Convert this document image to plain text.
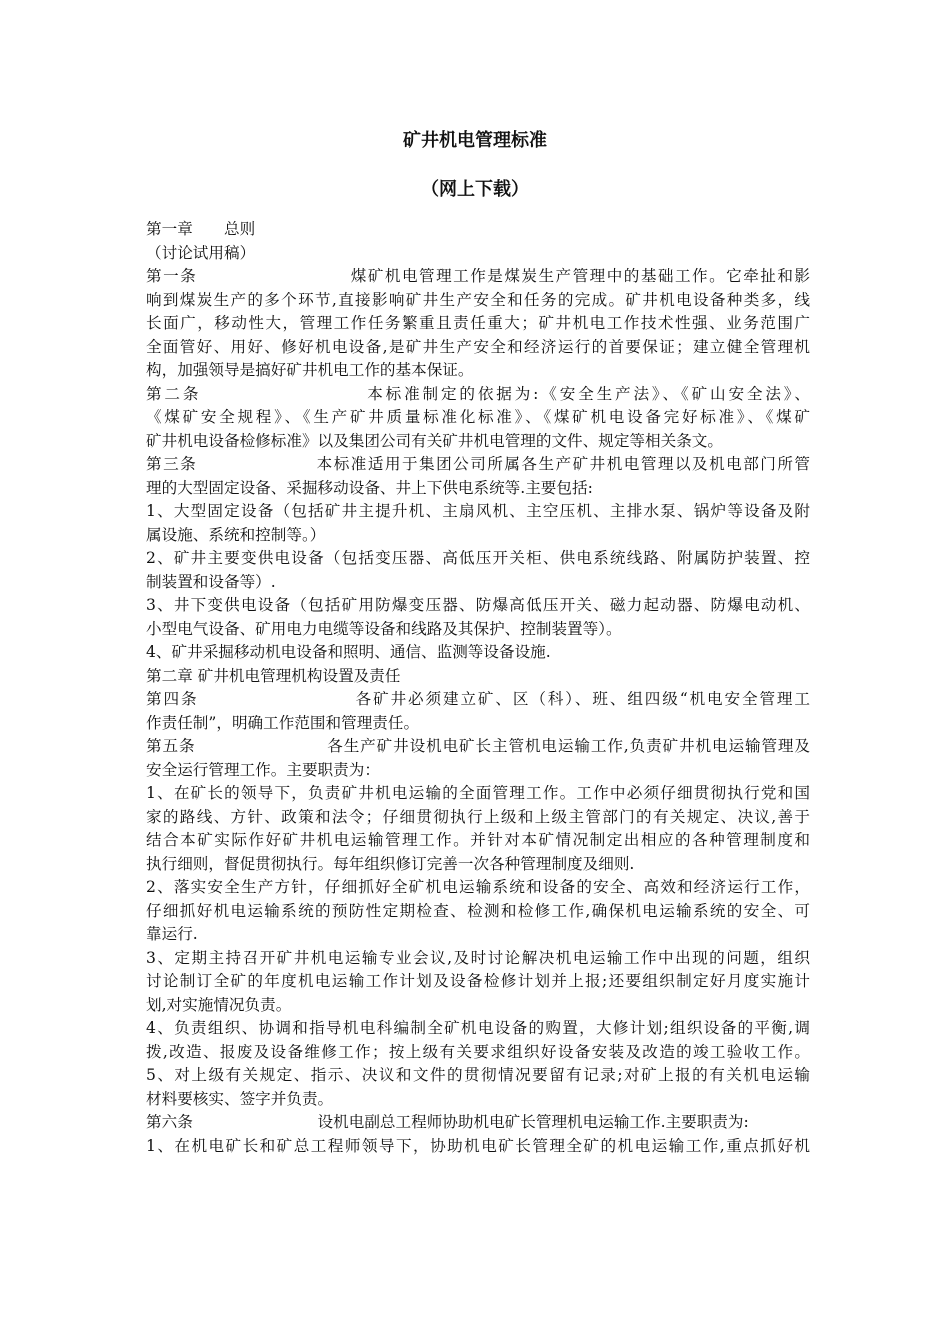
矿井机电管理标准
（网上下载）
第一章　　总则
（讨论试用稿）
第一条　　　　　　　　　煤矿机电管理工作是煤炭生产管理中的基础工作。它牵扯和影
响到煤炭生产的多个环节,直接影响矿井生产安全和任务的完成。矿井机电设备种类多，线
长面广，移动性大，管理工作任务繁重且责任重大；矿井机电工作技术性强、业务范围广
全面管好、用好、修好机电设备,是矿井生产安全和经济运行的首要保证；建立健全管理机
构，加强领导是搞好矿井机电工作的基本保证。
第二条　　　　　　　　　本标准制定的依据为:《安全生产法》、《矿山安全法》、
《煤矿安全规程》、《生产矿井质量标准化标准》、《煤矿机电设备完好标准》、《煤矿
矿井机电设备检修标准》以及集团公司有关矿井机电管理的文件、规定等相关条文。
第三条　　　　　　　本标准适用于集团公司所属各生产矿井机电管理以及机电部门所管
理的大型固定设备、采掘移动设备、井上下供电系统等.主要包括:
1、大型固定设备（包括矿井主提升机、主扇风机、主空压机、主排水泵、锅炉等设备及附
属设施、系统和控制等。）
2、矿井主要变供电设备（包括变压器、高低压开关柜、供电系统线路、附属防护装置、控
制装置和设备等）.
3、井下变供电设备（包括矿用防爆变压器、防爆高低压开关、磁力起动器、防爆电动机、
小型电气设备、矿用电力电缆等设备和线路及其保护、控制装置等）。
4、矿井采掘移动机电设备和照明、通信、监测等设备设施.
第二章 矿井机电管理机构设置及责任
第四条　　　　　　　　　各矿井必须建立矿、区（科）、班、组四级“机电安全管理工
作责任制”，明确工作范围和管理责任。
第五条　　　　　　　　各生产矿井设机电矿长主管机电运输工作,负责矿井机电运输管理及
安全运行管理工作。主要职责为：
1、在矿长的领导下，负责矿井机电运输的全面管理工作。工作中必须仔细贯彻执行党和国
家的路线、方针、政策和法令；仔细贯彻执行上级和上级主管部门的有关规定、决议,善于
结合本矿实际作好矿井机电运输管理工作。并针对本矿情况制定出相应的各种管理制度和
执行细则，督促贯彻执行。每年组织修订完善一次各种管理制度及细则.
2、落实安全生产方针，仔细抓好全矿机电运输系统和设备的安全、高效和经济运行工作，
仔细抓好机电运输系统的预防性定期检查、检测和检修工作,确保机电运输系统的安全、可
靠运行.
3、定期主持召开矿井机电运输专业会议,及时讨论解决机电运输工作中出现的问题，组织
讨论制订全矿的年度机电运输工作计划及设备检修计划并上报;还要组织制定好月度实施计
划,对实施情况负责。
4、负责组织、协调和指导机电科编制全矿机电设备的购置，大修计划;组织设备的平衡,调
拨,改造、报废及设备维修工作；按上级有关要求组织好设备安装及改造的竣工验收工作。
5、对上级有关规定、指示、决议和文件的贯彻情况要留有记录;对矿上报的有关机电运输
材料要核实、签字并负责。
第六条　　　　　　　　设机电副总工程师协助机电矿长管理机电运输工作.主要职责为:
1、在机电矿长和矿总工程师领导下，协助机电矿长管理全矿的机电运输工作,重点抓好机
